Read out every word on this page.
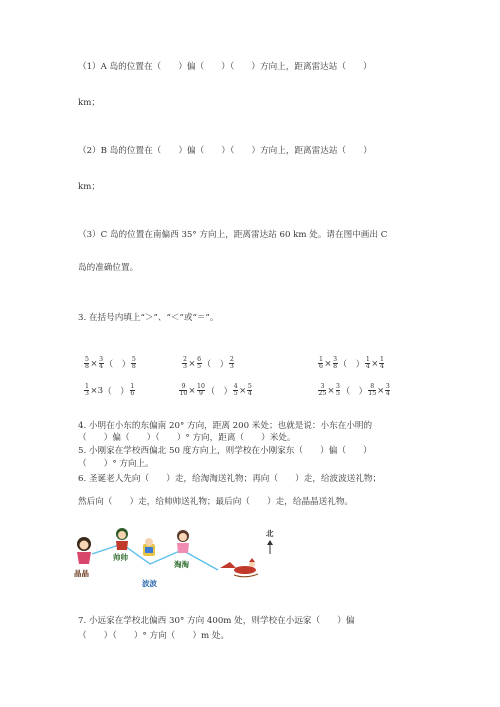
（1）A 岛的位置在（　　）偏（　　）（　　）方向上，距离雷达站（　　）
km；
（2）B 岛的位置在（　　）偏（　　）（　　）方向上，距离雷达站（　　）
km；
（3）C 岛的位置在南偏西 35° 方向上，距离雷达站 60 km 处。请在图中画出 C
岛的准确位置。
3. 在括号内填上“＞”、“＜”或“＝”。

$\frac{5}{8} \times \frac{3}{4}$ （　） $\frac{5}{8}$

	$\frac{2}{3} \times \frac{6}{5}$ （　） $\frac{2}{3}$

	$\frac{1}{6} \times \frac{3}{8}$ （　） $\frac{1}{4} \times \frac{1}{4}$

$\frac{1}{3} \times 3$（　） $\frac{1}{6}$

	$\frac{9}{10} \times \frac{10}{9}$ （　） $\frac{4}{5} \times \frac{5}{4}$

	$\frac{3}{25} \times \frac{3}{5}$ （　） $\frac{8}{15} \times \frac{3}{4}$

4. 小明在小东的东偏南 20° 方向，距离 200 米处；也就是说：小东在小明的
（　　）偏（　　）（　　）° 方向，距离（　　）米处。
5. 小刚家在学校西偏北 50 度方向上，则学校在小刚家东（　　）偏（　　）
（　　）° 方向上。
6. 圣诞老人先向（　　）走，给淘淘送礼物；再向（　　）走，给波波送礼物；
然后向（　　）走，给帅帅送礼物；最后向（　　）走，给晶晶送礼物。
晶晶
帅帅
波波
淘淘
北
7. 小远家在学校北偏西 30° 方向 400m 处，则学校在小远家（　　）偏
（　　）（　　）° 方向（　　）m 处。
